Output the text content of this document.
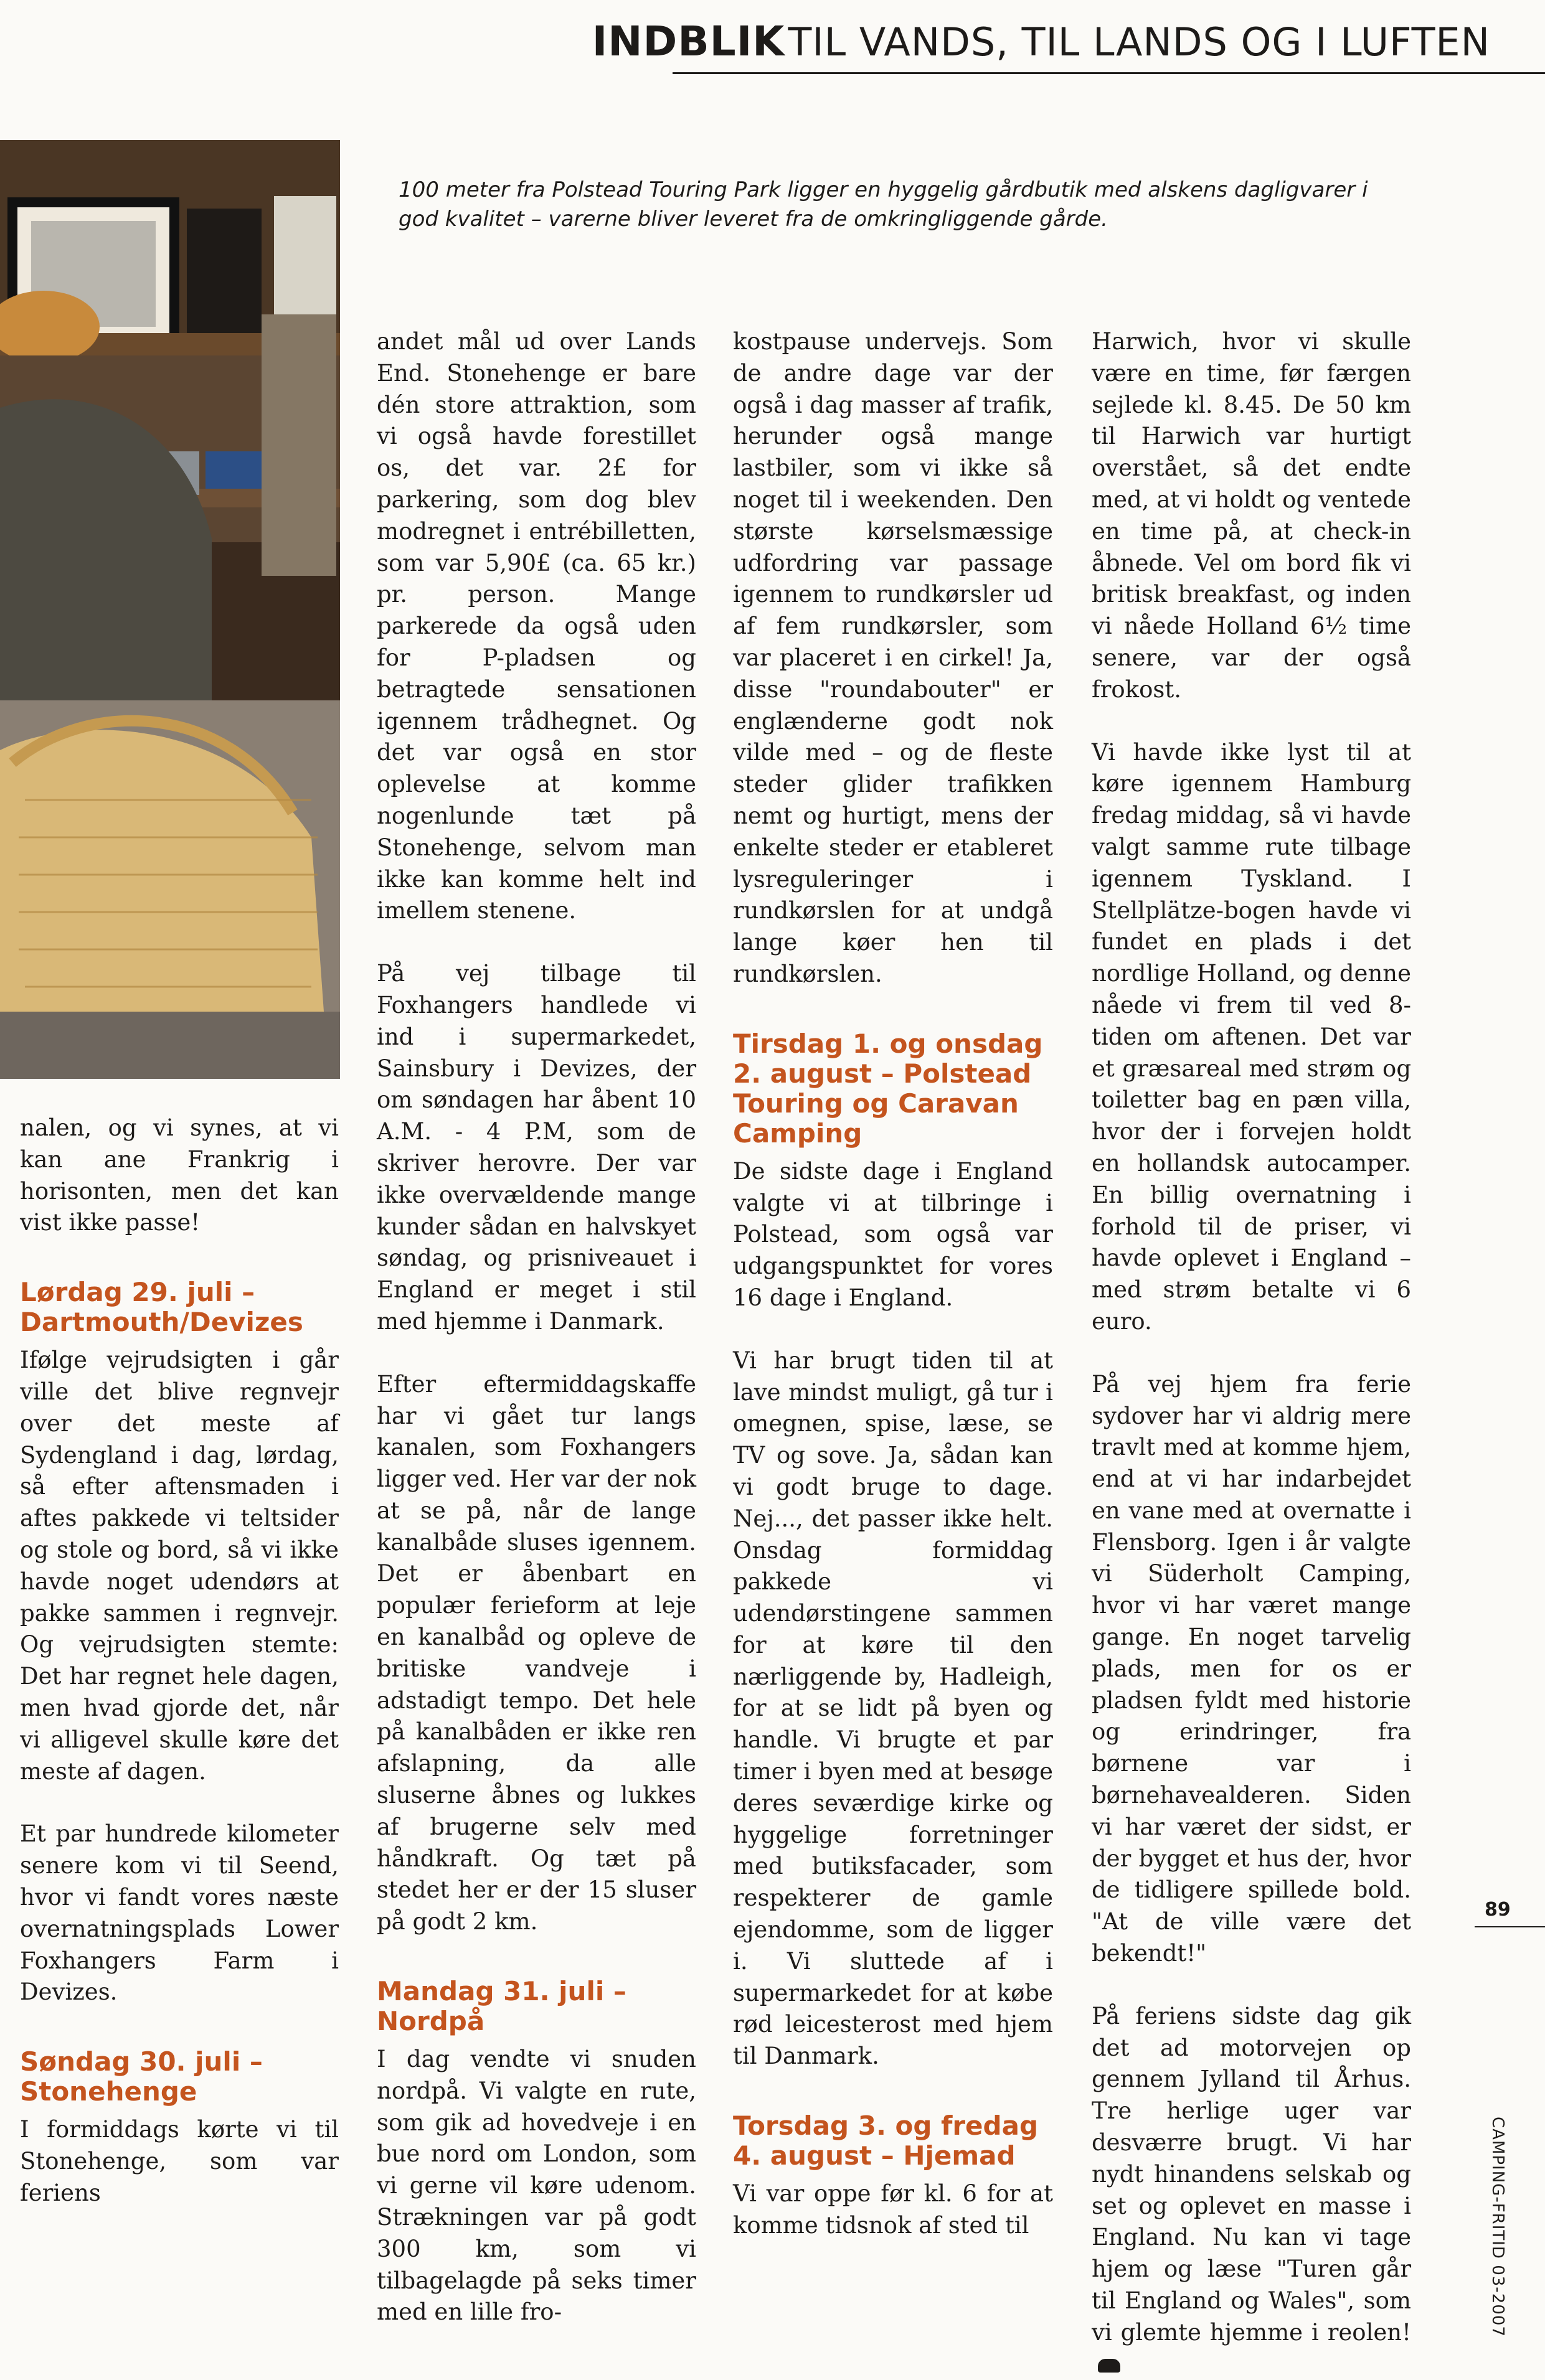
INDBLIK TIL VANDS, TIL LANDS OG I LUFTEN
100 meter fra Polstead Touring Park ligger en hyggelig gårdbutik med alskens dagligvarer i god kvalitet – varerne bliver leveret fra de omkringliggende gårde.

nalen, og vi synes, at vi kan ane Frankrig i horisonten, men det kan vist ikke passe!

Lørdag 29. juli – Dartmouth/Devizes

Ifølge vejrudsigten i går ville det blive regnvejr over det meste af Sydengland i dag, lørdag, så efter aftensmaden i aftes pakkede vi teltsider og stole og bord, så vi ikke havde noget udendørs at pakke sammen i regnvejr. Og vejrudsigten stemte: Det har regnet hele dagen, men hvad gjorde det, når vi alligevel skulle køre det meste af dagen.

Et par hundrede kilometer senere kom vi til Seend, hvor vi fandt vores næste overnatningsplads Lower Foxhangers Farm i Devizes.

Søndag 30. juli – Stonehenge

I formiddags kørte vi til Stonehenge, som var feriens

andet mål ud over Lands End. Stonehenge er bare dén store attraktion, som vi også havde forestillet os, det var. 2£ for parkering, som dog blev modregnet i entrébilletten, som var 5,90£ (ca. 65 kr.) pr. person. Mange parkerede da også uden for P-pladsen og betragtede sensationen igennem trådhegnet. Og det var også en stor oplevelse at komme nogenlunde tæt på Stonehenge, selvom man ikke kan komme helt ind imellem stenene.

På vej tilbage til Foxhangers handlede vi ind i supermarkedet, Sainsbury i Devizes, der om søndagen har åbent 10 A.M. - 4 P.M, som de skriver herovre. Der var ikke overvældende mange kunder sådan en halvskyet søndag, og prisniveauet i England er meget i stil med hjemme i Danmark.

Efter eftermiddagskaffe har vi gået tur langs kanalen, som Foxhangers ligger ved. Her var der nok at se på, når de lange kanalbåde sluses igennem. Det er åbenbart en populær ferieform at leje en kanalbåd og opleve de britiske vandveje i adstadigt tempo. Det hele på kanalbåden er ikke ren afslapning, da alle sluserne åbnes og lukkes af brugerne selv med håndkraft. Og tæt på stedet her er der 15 sluser på godt 2 km.

Mandag 31. juli – Nordpå

I dag vendte vi snuden nordpå. Vi valgte en rute, som gik ad hovedveje i en bue nord om London, som vi gerne vil køre udenom. Strækningen var på godt 300 km, som vi tilbagelagde på seks timer med en lille fro-

kostpause undervejs. Som de andre dage var der også i dag masser af trafik, herunder også mange lastbiler, som vi ikke så noget til i weekenden. Den største kørselsmæssige udfordring var passage igennem to rundkørsler ud af fem rundkørsler, som var placeret i en cirkel! Ja, disse "roundabouter" er englænderne godt nok vilde med – og de fleste steder glider trafikken nemt og hurtigt, mens der enkelte steder er etableret lysreguleringer i rundkørslen for at undgå lange køer hen til rundkørslen.

Tirsdag 1. og onsdag 2. august – Polstead Touring og Caravan Camping

De sidste dage i England valgte vi at tilbringe i Polstead, som også var udgangspunktet for vores 16 dage i England.

Vi har brugt tiden til at lave mindst muligt, gå tur i omegnen, spise, læse, se TV og sove. Ja, sådan kan vi godt bruge to dage. Nej..., det passer ikke helt. Onsdag formiddag pakkede vi udendørstingene sammen for at køre til den nærliggende by, Hadleigh, for at se lidt på byen og handle. Vi brugte et par timer i byen med at besøge deres seværdige kirke og hyggelige forretninger med butiksfacader, som respekterer de gamle ejendomme, som de ligger i. Vi sluttede af i supermarkedet for at købe rød leicesterost med hjem til Danmark.

Torsdag 3. og fredag 4. august – Hjemad

Vi var oppe før kl. 6 for at komme tidsnok af sted til

Harwich, hvor vi skulle være en time, før færgen sejlede kl. 8.45. De 50 km til Harwich var hurtigt overstået, så det endte med, at vi holdt og ventede en time på, at check-in åbnede. Vel om bord fik vi britisk breakfast, og inden vi nåede Holland 6½ time senere, var der også frokost.

Vi havde ikke lyst til at køre igennem Hamburg fredag middag, så vi havde valgt samme rute tilbage igennem Tyskland. I Stellplätze-bogen havde vi fundet en plads i det nordlige Holland, og denne nåede vi frem til ved 8-tiden om aftenen. Det var et græsareal med strøm og toiletter bag en pæn villa, hvor der i forvejen holdt en hollandsk autocamper. En billig overnatning i forhold til de priser, vi havde oplevet i England – med strøm betalte vi 6 euro.

På vej hjem fra ferie sydover har vi aldrig mere travlt med at komme hjem, end at vi har indarbejdet en vane med at overnatte i Flensborg. Igen i år valgte vi Süderholt Camping, hvor vi har været mange gange. En noget tarvelig plads, men for os er pladsen fyldt med historie og erindringer, fra børnene var i børnehavealderen. Siden vi har været der sidst, er der bygget et hus der, hvor de tidligere spillede bold. "At de ville være det bekendt!"

På feriens sidste dag gik det ad motorvejen op gennem Jylland til Århus. Tre herlige uger var desværre brugt. Vi har nydt hinandens selskab og set og oplevet en masse i England. Nu kan vi tage hjem og læse "Turen går til England og Wales", som vi glemte hjemme i reolen!

89
CAMPING-FRITID 03-2007
